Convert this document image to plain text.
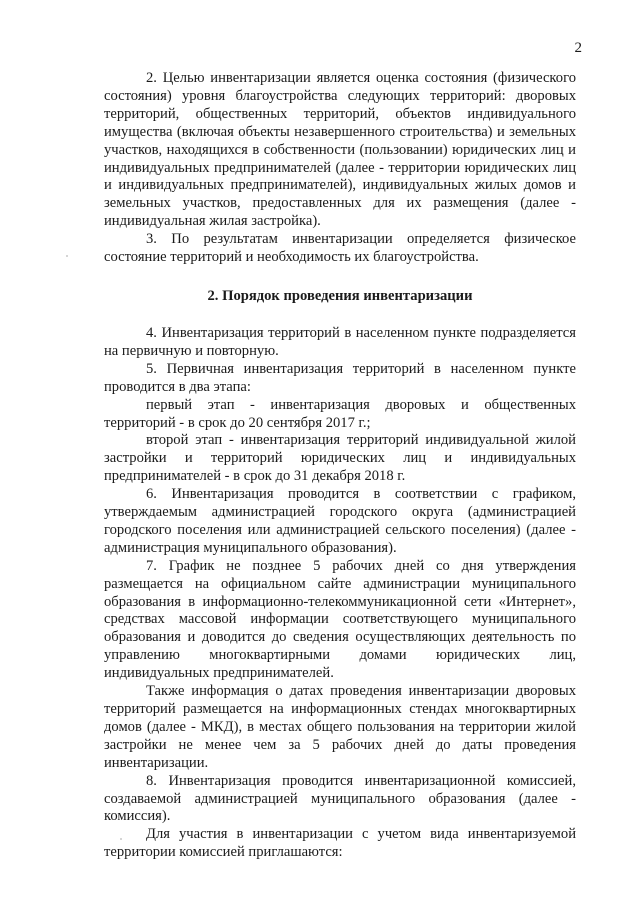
2

2. Целью инвентаризации является оценка состояния (физического состояния) уровня благоустройства следующих территорий: дворовых территорий, общественных территорий, объектов индивидуального имущества (включая объекты незавершенного строительства) и земельных участков, находящихся в собственности (пользовании) юридических лиц и индивидуальных предпринимателей (далее - территории юридических лиц и индивидуальных предпринимателей), индивидуальных жилых домов и земельных участков, предоставленных для их размещения (далее - индивидуальная жилая застройка).

3. По результатам инвентаризации определяется физическое состояние территорий и необходимость их благоустройства.

2. Порядок проведения инвентаризации

4. Инвентаризация территорий в населенном пункте подразделяется на первичную и повторную.

5. Первичная инвентаризация территорий в населенном пункте проводится в два этапа:

первый этап - инвентаризация дворовых и общественных территорий - в срок до 20 сентября 2017 г.;

второй этап - инвентаризация территорий индивидуальной жилой застройки и территорий юридических лиц и индивидуальных предпринимателей - в срок до 31 декабря 2018 г.

6. Инвентаризация проводится в соответствии с графиком, утверждаемым администрацией городского округа (администрацией городского поселения или администрацией сельского поселения) (далее - администрация муниципального образования).

7. График не позднее 5 рабочих дней со дня утверждения размещается на официальном сайте администрации муниципального образования в информационно-телекоммуникационной сети «Интернет», средствах массовой информации соответствующего муниципального образования и доводится до сведения осуществляющих деятельность по управлению многоквартирными домами юридических лиц, индивидуальных предпринимателей.

Также информация о датах проведения инвентаризации дворовых территорий размещается на информационных стендах многоквартирных домов (далее - МКД), в местах общего пользования на территории жилой застройки не менее чем за 5 рабочих дней до даты проведения инвентаризации.

8. Инвентаризация проводится инвентаризационной комиссией, создаваемой администрацией муниципального образования (далее - комиссия).

Для участия в инвентаризации с учетом вида инвентаризуемой территории комиссией приглашаются:
